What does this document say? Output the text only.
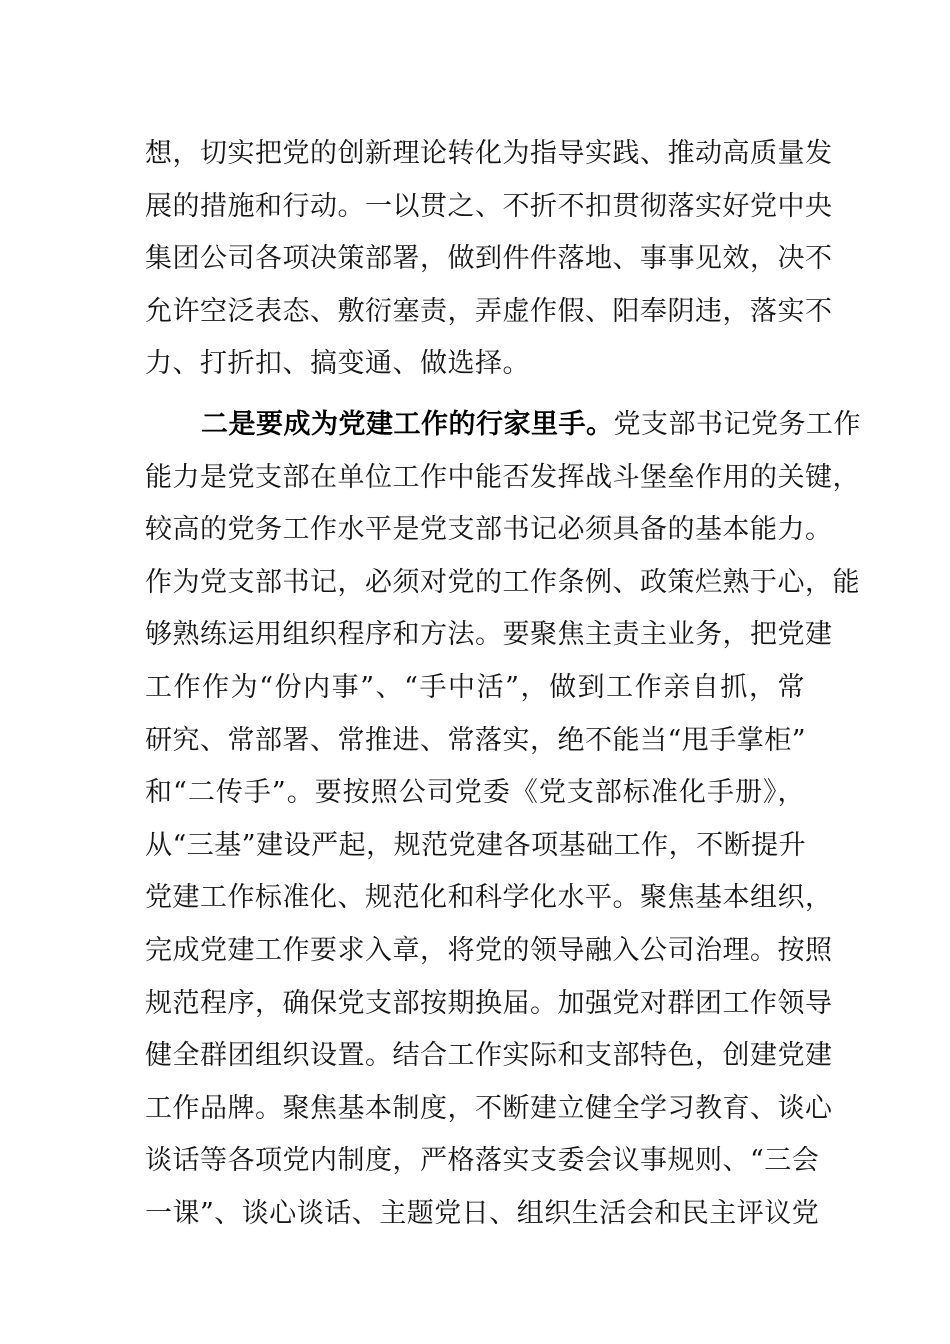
想，切实把党的创新理论转化为指导实践、推动高质量发
展的措施和行动。一以贯之、不折不扣贯彻落实好党中央
集团公司各项决策部署，做到件件落地、事事见效，决不
允许空泛表态、敷衍塞责，弄虚作假、阳奉阴违，落实不
力、打折扣、搞变通、做选择。
二是要成为党建工作的行家里手。党支部书记党务工作
能力是党支部在单位工作中能否发挥战斗堡垒作用的关键，
较高的党务工作水平是党支部书记必须具备的基本能力。
作为党支部书记，必须对党的工作条例、政策烂熟于心，能
够熟练运用组织程序和方法。要聚焦主责主业务，把党建
工作作为“份内事”、“手中活”，做到工作亲自抓，常
研究、常部署、常推进、常落实，绝不能当“甩手掌柜”
和“二传手”。要按照公司党委《党支部标准化手册》，
从“三基”建设严起，规范党建各项基础工作，不断提升
党建工作标准化、规范化和科学化水平。聚焦基本组织，
完成党建工作要求入章，将党的领导融入公司治理。按照
规范程序，确保党支部按期换届。加强党对群团工作领导
健全群团组织设置。结合工作实际和支部特色，创建党建
工作品牌。聚焦基本制度，不断建立健全学习教育、谈心
谈话等各项党内制度，严格落实支委会议事规则、“三会
一课”、谈心谈话、主题党日、组织生活会和民主评议党
